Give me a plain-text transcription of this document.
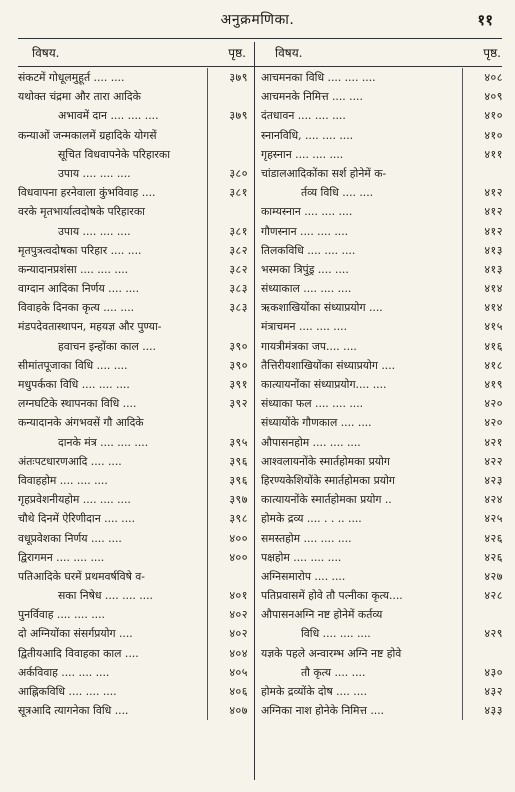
अनुक्रमणिका.	११
विषय.	पृष्ठ.
संकटमें गोधूलमुहूर्त .... ....	३७९
यथोक्त चंद्रमा और तारा आदिके
अभावमें दान .... .... ....	३७९
कन्याओं जन्मकालमें ग्रहादिके योगसें
सूचित विधवापनेके परिहारका
उपाय .... .... ....	३८०
विधवापना हरनेवाला कुंभविवाह ....	३८१
वरके मृतभार्यात्वदोषके परिहारका
उपाय .... .... ....	३८१
मृतपुत्रत्वदोषका परिहार .... ....	३८२
कन्यादानप्रशंसा .... .... ....	३८२
वाग्दान आदिका निर्णय .... ....	३८३
विवाहके दिनका कृत्य .... ....	३८३
मंडपदेवतास्थापन, महयज्ञ और पुण्या-
हवाचन इन्होंका काल ....	३९०
सीमांतपूजाका विधि .... ....	३९०
मधुपर्कका विधि .... .... ....	३९१
लग्नघटिके स्थापनका विधि ....	३९२
कन्यादानके अंगभवसें गौ आदिके
दानके मंत्र .... .... ....	३९५
अंतःपटधारणआदि .... ....	३९६
विवाहहोम .... .... ....	३९६
गृहप्रवेशनीयहोम .... .... ....	३९७
चौथे दिनमें ऐरिणीदान .... ....	३९८
वधूप्रवेशका निर्णय .... ....	४००
द्विरागमन .... .... ....	४००
पतिआदिके घरमें प्रथमवर्षविषे व-
सका निषेध .... .... ....	४०१
पुनर्विवाह .... .... ....	४०२
दो अग्नियोंका संसर्गप्रयोग ....	४०२
द्वितीयआदि विवाहका काल ....	४०४
अर्कविवाह .... .... ....	४०५
आह्निकविधि .... .... ....	४०६
सूत्रआदि त्यागनेका विधि ....	४०७
विषय.	पृष्ठ.
आचमनका विधि .... .... ....	४०८
आचमनके निमित्त .... ....	४०९
दंतधावन .... .... ....	४१०
स्नानविधि, .... .... ....	४१०
गृहस्नान .... .... ....	४११
चांडालआदिकोंका सर्श होनेमें क-
र्तव्य विधि .... ....	४१२
काम्यस्नान .... .... ....	४१२
गौणस्नान .... .... ....	४१२
तिलकविधि .... .... ....	४१३
भस्मका त्रिपुंड्र .... ....	४१३
संध्याकाल .... .... ....	४१४
ऋकशाखियोंका संध्याप्रयोग ....	४१४
मंत्राचमन .... .... ....	४१५
गायत्रीमंत्रका जप.... ....	४१६
तैत्तिरीयशाखियोंका संध्याप्रयोग ....	४१८
कात्यायनोंका संध्याप्रयोग.... ....	४१९
संध्याका फल .... .... ....	४२०
संध्यायोंके गौणकाल .... ....	४२०
औपासनहोम .... .... ....	४२१
आश्वलायनोंके स्मार्तहोमका प्रयोग	४२२
हिरण्यकेशियोंके स्मार्तहोमका प्रयोग	४२३
कात्यायनोंके स्मार्तहोमका प्रयोग ..	४२४
होमके द्रव्य .... . . .. ....	४२५
समस्तहोम .... .... ....	४२६
पक्षहोम .... .... ....	४२६
अग्निसमारोप .... ....	४२७
पतिप्रवासमें होवे तौ पत्नीका कृत्य....	४२८
औपासनअग्नि नष्ट होनेमें कर्तव्य
विधि .... .... ....	४२९
यज्ञके पहले अन्वारम्भ अग्नि नष्ट होवे
तौ कृत्य .... ....	४३०
होमके द्रव्योंके दोष .... ....	४३२
अग्निका नाश होनेके निमित्त ....	४३३
